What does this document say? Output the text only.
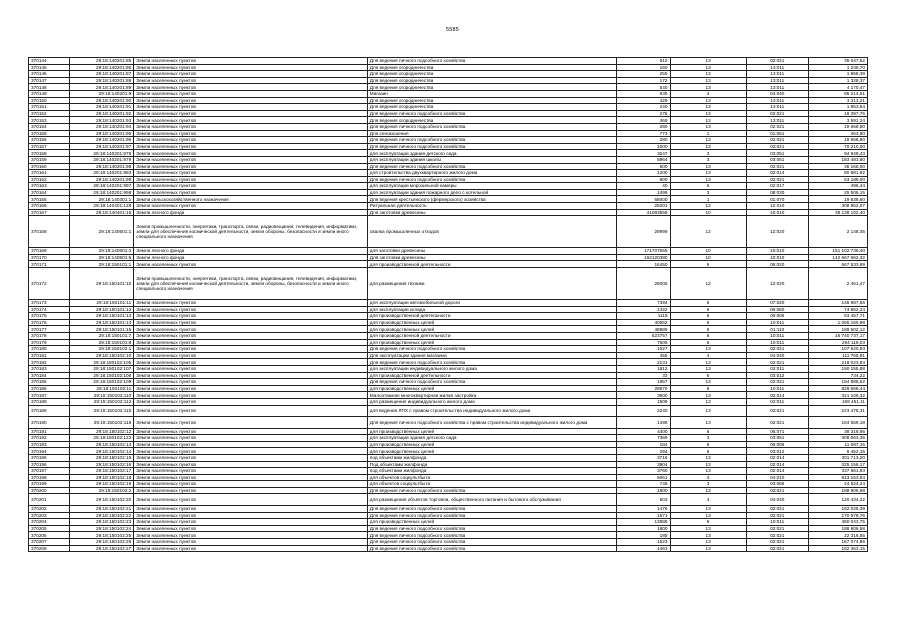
5585
370144	29:18:140201:85	Земли населенных пунктов	Для ведения личного подсобного хозяйства	512	13	02:021	35 047,52
370145	29:18:140201:86	Земли населенных пунктов	Для ведения огородничества	160	13	13:011	1 235,70
370146	29:18:140201:87	Земли населенных пунктов	Для ведения огородничества	255	13	13:011	1 968,39
370147	29:18:140201:88	Земли населенных пунктов	Для ведения огородничества	172	13	13:011	1 328,37
370148	29:18:140201:89	Земли населенных пунктов	Для ведения огородничества	540	13	13:011	4 170,47
370149	29:18:140201:9	Земли населенных пунктов	Магазин	835	4	04:040	86 214,61
370150	29:18:140201:90	Земли населенных пунктов	Для ведения огородничества	429	13	13:011	3 313,21
370151	29:18:140201:91	Земли населенных пунктов	Для ведения огородничества	240	13	13:011	1 853,54
370152	29:18:140201:92	Земли населенных пунктов	Для ведения личного подсобного хозяйства	275	13	02:021	18 397,76
370153	29:18:140201:93	Земли населенных пунктов	Для ведения огородничества	465	13	13:011	3 591,24
370154	29:18:140201:94	Земли населенных пунктов	Для ведения личного подсобного хозяйства	280	13	02:021	19 658,80
370155	29:18:140201:95	Земли населенных пунктов	Для сенокошения	773	1	01:061	463,80
370156	29:18:140201:96	Земли населенных пунктов	Для ведения личного подсобного хозяйства	280	13	02:021	19 658,80
370157	29:18:140201:97	Земли населенных пунктов	Для ведения личного подсобного хозяйства	1000	13	02:021	70 210,00
370158	29:18:140201:978	Земли населенных пунктов	для эксплуатации здания детского сада	3247	3	03:051	94 949,43
370159	29:18:140201:979	Земли населенных пунктов	для эксплуатации здания школы	6964	3	03:051	183 483,60
370160	29:18:140201:98	Земли населенных пунктов	Для ведения личного подсобного хозяйства	500	13	02:021	35 168,00
370161	29:18:140201:983	Земли населенных пунктов	для строительства двухквартирного жилого дома	1200	13	02:014	80 881,92
370162	29:18:140201:99	Земли населенных пунктов	Для ведения личного подсобного хозяйства	900	13	02:021	63 189,00
370163	29:18:140201:997	Земли населенных пунктов	для эксплуатации морозильной камеры	40	6	02:017	496,44
370164	29:18:140201:998	Земли населенных пунктов	для эксплуатации здания пожарного депо с котельной	1495	3	08:030	25 506,15
370165	29:18:140301:1	Земли сельскохозяйственного назначения	Для ведения крестьянского (фермерского) хозяйства	58000	1	01:070	19 836,60
370166	29:18:140401:128	Земли населенных пунктов	Ритуальная деятельность	28201	12	12:010	308 962,07
370167	29:18:140401:15	Земли лесного фонда	Для заготовки древесины	41083558	10	10:010	38 138 102,40
370168	29:18:140501:1	Земли промышленности, энергетики, транспорта, связи, радиовещания, телевидения, информатики, земли для обеспечения космической деятельности, земли обороны, безопасности и земли иного специального назначения	свалка промышленных отходов	29999	12	12:020	2 148,35
370169	29:18:140601:3	Земли лесного фонда	для заготовки древесины	171707655	10	10:010	151 102 736,40
370170	29:18:140501:6	Земли лесного фонда	Для заготовки древесины	162120380	10	10:010	142 667 662,32
370171	29:18:150101:1	Земли населенных пунктов	для производственной деятельности	16450	6	06:020	567 533,99
370172	29:18:150101:10	Земли промышленности, энергетики, транспорта, связи, радиовещания, телевидения, информатики, земли для обеспечения космической деятельности, земли обороны, безопасности и земли иного специального назначения	для размещения техники	26005	12	12:020	2 461,47
370173	29:18:150101:11	Земли населенных пунктов	для эксплуатации автомобильной дороги	7394	6	07:020	145 987,56
370174	29:18:150101:12	Земли населенных пунктов	для эксплуатации склада	1322	6	06:060	74 952,24
370175	29:18:150101:13	Земли населенных пунктов	для производственной деятельности	1119	6	06:006	63 457,71
370176	29:18:150101:14	Земли населенных пунктов	для производственных целей	40652	6	10:011	1 055 150,98
370177	29:18:150101:15	Земли населенных пунктов	для производственных целей	48889	6	01:110	189 502,12
370178	29:18:150101:7	Земли населенных пунктов	для производственной деятельности	523757	6	10:011	16 740 737,17
370179	29:18:150101:8	Земли населенных пунктов	для производственных целей	7505	6	10:011	294 118,03
370180	29:18:150102:1	Земли населенных пунктов	Для ведения личного подсобного хозяйства	1527	13	02:021	107 620,83
370181	29:18:150102:10	Земли населенных пунктов	Для эксплуатации здания магазина	455	4	04:040	111 765,81
370182	29:18:150102:105	Земли населенных пунктов	Для ведения личного подсобного хозяйства	2131	13	02:021	218 023,83
370183	29:18:150102:107	Земли населенных пунктов	для эксплуатации индивидуального жилого дома	1812	13	02:011	150 155,88
370184	29:18:150102:108	Земли населенных пунктов	для производственной деятельности	33	6	03:012	734,22
370185	29:18:150102:109	Земли населенных пунктов	Для ведения личного подсобного хозяйства	1957	13	02:021	194 888,62
370186	29:18:150102:11	Земли населенных пунктов	для производственных целей	29870	6	10:011	829 658,44
370187	29:18:150102:110	Земли населенных пунктов	Малоэтажная многоквартирная жилая застройка	3900	13	02:014	321 109,32
370188	29:18:150102:112	Земли населенных пунктов	для размещения индивидуального жилого дома	1509	13	02:011	169 451,11
370189	29:18:150102:115	Земли населенных пунктов	для ведения ЛПХ с правом строительства индивидуального жилого дома	2240	13	02:021	223 478,31
370190	29:18:150102:118	Земли населенных пунктов	Для ведения личного подсобного хозяйства с правом строительства индивидуального жилого дома	1498	13	02:021	164 559,18
370191	29:18:150102:12	Земли населенных пунктов	для производственных целей	4400	6	06:071	38 318,95
370192	29:18:150102:122	Земли населенных пунктов	для эксплуатации здания детского сада	7369	3	03:051	305 063,35
370193	29:18:150102:13	Земли населенных пунктов	для производственных целей	184	6	06:006	11 097,16
370194	29:18:150102:14	Земли населенных пунктов	для производственных целей	294	6	03:012	6 452,16
370195	29:18:150102:15	Земли населенных пунктов	под объектами жилфонда	3716	13	02:014	301 713,20
370196	29:18:150102:16	Земли населенных пунктов	Под объектами жилфонда	3904	13	02:014	325 158,17
370197	29:18:150102:17	Земли населенных пунктов	под объектами жилфонда	3760	13	02:014	337 661,83
370198	29:18:150102:18	Земли населенных пунктов	для объектов соцкультбыта	6061	4	04:010	813 163,84
370199	29:18:150102:19	Земли населенных пунктов	для объектов соцкультбыта	748	3	03:066	24 524,24
370200	29:18:150102:2	Земли населенных пунктов	Для ведения личного подсобного хозяйства	1800	13	02:021	188 906,58
370201	29:18:150102:20	Земли населенных пунктов	для размещения объектов торговли, общественного питания и бытового обслуживания	503	4	04:040	120 434,22
370202	29:18:150102:21	Земли населенных пунктов	Для ведения личного подсобного хозяйства	1476	13	02:021	162 025,39
370203	29:18:150102:22	Земли населенных пунктов	Для ведения личного подсобного хозяйства	1571	13	02:021	170 578,76
370204	29:18:150102:23	Земли населенных пунктов	для производственных целей	13888	6	10:011	480 043,75
370205	29:18:150102:24	Земли населенных пунктов	Для ведения личного подсобного хозяйства	1800	13	02:021	188 906,58
370206	29:18:150102:25	Земли населенных пунктов	Для ведения личного подсобного хозяйства	185	13	02:021	22 316,55
370207	29:18:150102:26	Земли населенных пунктов	Для ведения личного подсобного хозяйства	1523	13	02:021	167 074,86
370208	29:18:150102:27	Земли населенных пунктов	Для ведения личного подсобного хозяйства	1463	13	02:021	162 363,15
